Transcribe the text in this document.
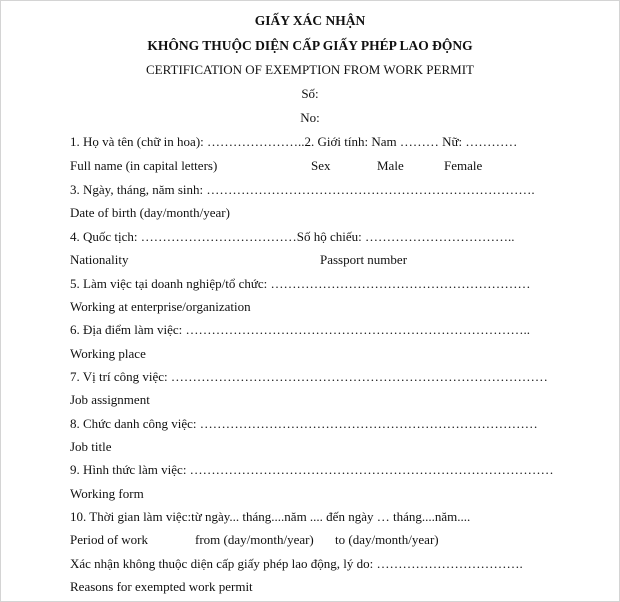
GIẤY XÁC NHẬN
KHÔNG THUỘC DIỆN CẤP GIẤY PHÉP LAO ĐỘNG
CERTIFICATION OF EXEMPTION FROM WORK PERMIT
Số:
No:
1. Họ và tên (chữ in hoa): …………………..2. Giới tính: Nam ……… Nữ: …………
Full name (in capital letters)	Sex	Male	Female
3. Ngày, tháng, năm sinh: ………………………………………………………………….
Date of birth (day/month/year)
4. Quốc tịch: ………………………………Số hộ chiếu: ……………………………..
Nationality	Passport number
5. Làm việc tại doanh nghiệp/tổ chức: ……………………………………………………
Working at enterprise/organization
6. Địa điểm làm việc: ……………………………………………………………………..
Working place
7. Vị trí công việc: ……………………………………………………………………………
Job assignment
8. Chức danh công việc: ……………………………………………………………………
Job title
9. Hình thức làm việc: …………………………………………………………………………
Working form
10. Thời gian làm việc:từ ngày... tháng....năm .... đến ngày … tháng....năm....
Period of work	from (day/month/year) to (day/month/year)
Xác nhận không thuộc diện cấp giấy phép lao động, lý do: …………………………….
Reasons for exempted work permit
